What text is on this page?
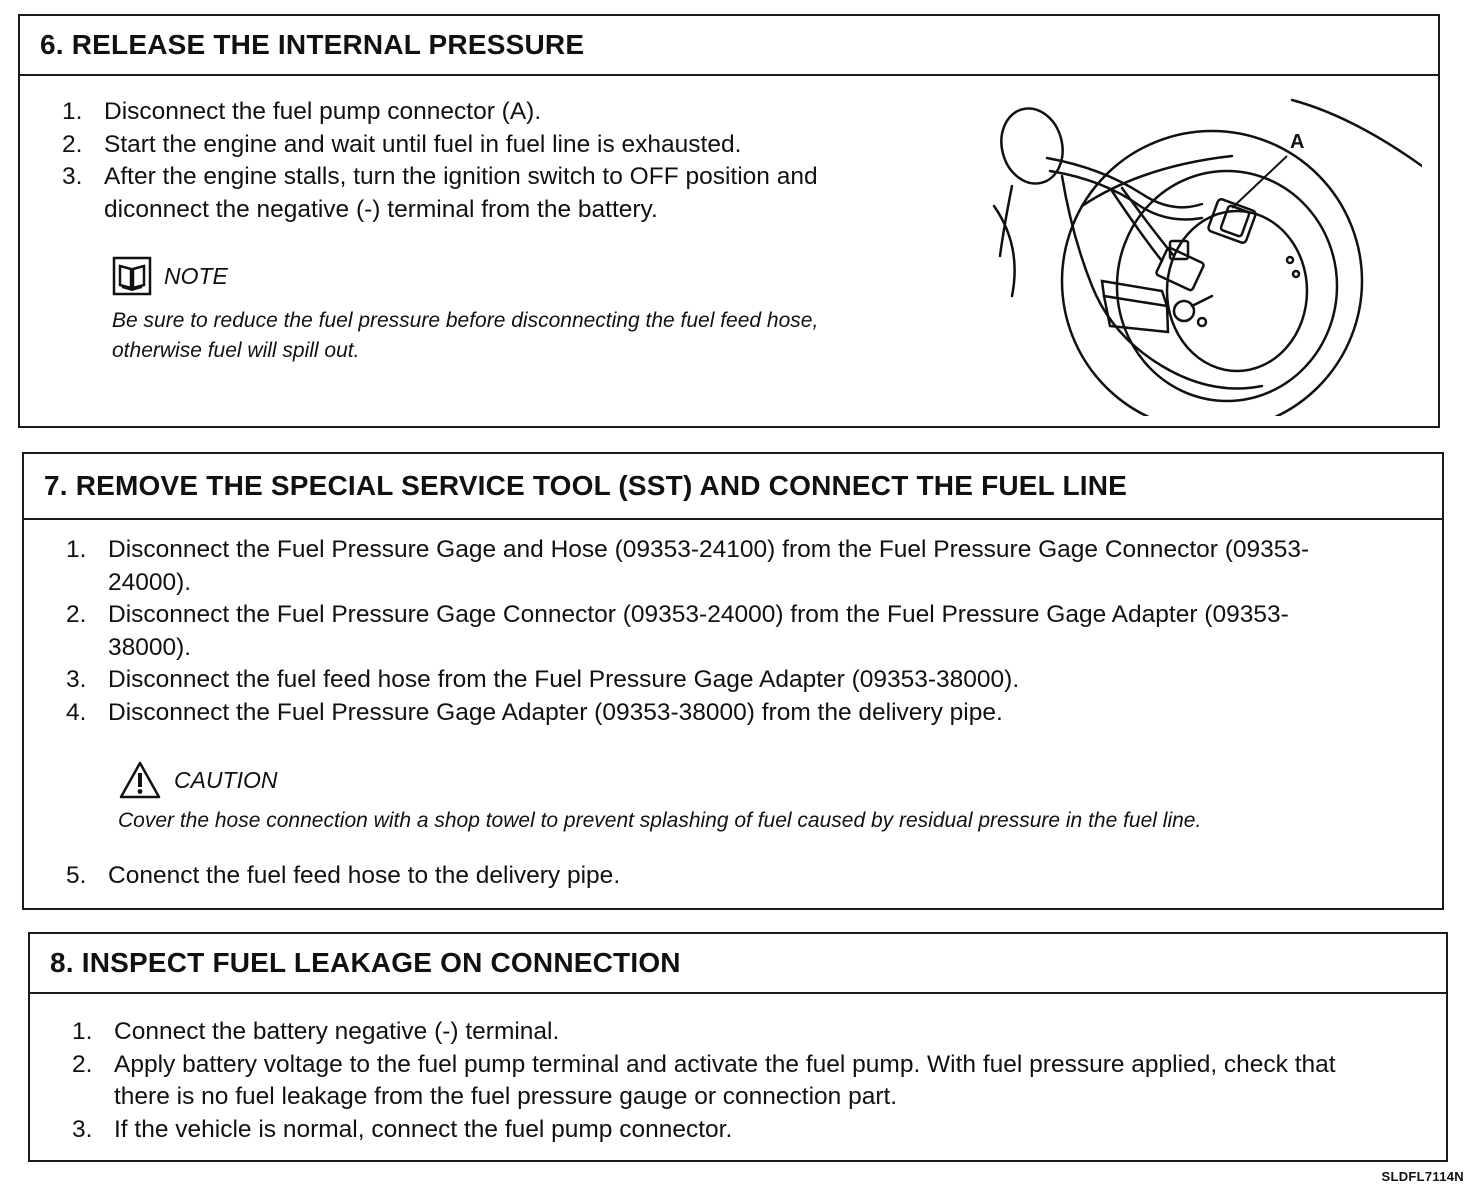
6. RELEASE THE INTERNAL PRESSURE
1. Disconnect the fuel pump connector (A).
2. Start the engine and wait until fuel in fuel line is exhausted.
3. After the engine stalls, turn the ignition switch to OFF position and diconnect the negative (-) terminal from the battery.
NOTE
Be sure to reduce the fuel pressure before disconnecting the fuel feed hose, otherwise fuel will spill out.
A
7. REMOVE THE SPECIAL SERVICE TOOL (SST) AND CONNECT THE FUEL LINE
1. Disconnect the Fuel Pressure Gage and Hose (09353-24100) from the Fuel Pressure Gage Connector (09353-24000).
2. Disconnect the Fuel Pressure Gage Connector (09353-24000) from the Fuel Pressure Gage Adapter (09353-38000).
3. Disconnect the fuel feed hose from the Fuel Pressure Gage Adapter (09353-38000).
4. Disconnect the Fuel Pressure Gage Adapter (09353-38000) from the delivery pipe.
CAUTION
Cover the hose connection with a shop towel to prevent splashing of fuel caused by residual pressure in the fuel line.
5. Conenct the fuel feed hose to the delivery pipe.
8. INSPECT FUEL LEAKAGE ON CONNECTION
1. Connect the battery negative (-) terminal.
2. Apply battery voltage to the fuel pump terminal and activate the fuel pump. With fuel pressure applied, check that there is no fuel leakage from the fuel pressure gauge or connection part.
3. If the vehicle is normal, connect the fuel pump connector.
SLDFL7114N
